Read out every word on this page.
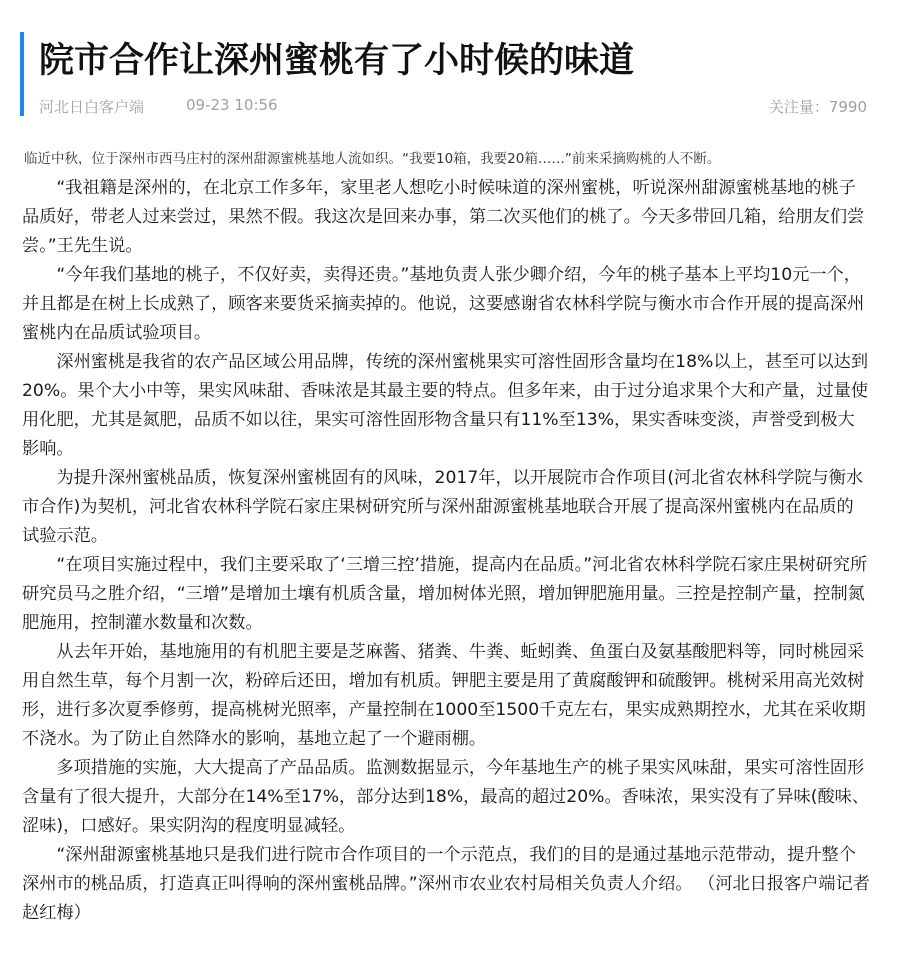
院市合作让深州蜜桃有了小时候的味道
河北日白客户端	09-23 10:56	关注量：7990

临近中秋，位于深州市西马庄村的深州甜源蜜桃基地人流如织。“我要10箱，我要20箱……”前来采摘购桃的人不断。

“我祖籍是深州的，在北京工作多年，家里老人想吃小时候味道的深州蜜桃，听说深州甜源蜜桃基地的桃子品质好，带老人过来尝过，果然不假。我这次是回来办事，第二次买他们的桃了。今天多带回几箱，给朋友们尝尝。”王先生说。

“今年我们基地的桃子，不仅好卖，卖得还贵。”基地负责人张少卿介绍，今年的桃子基本上平均10元一个，并且都是在树上长成熟了，顾客来要货采摘卖掉的。他说，这要感谢省农林科学院与衡水市合作开展的提高深州蜜桃内在品质试验项目。

深州蜜桃是我省的农产品区域公用品牌，传统的深州蜜桃果实可溶性固形含量均在18%以上，甚至可以达到20%。果个大小中等，果实风味甜、香味浓是其最主要的特点。但多年来，由于过分追求果个大和产量，过量使用化肥，尤其是氮肥，品质不如以往，果实可溶性固形物含量只有11%至13%，果实香味变淡，声誉受到极大影响。

为提升深州蜜桃品质，恢复深州蜜桃固有的风味，2017年，以开展院市合作项目(河北省农林科学院与衡水市合作)为契机，河北省农林科学院石家庄果树研究所与深州甜源蜜桃基地联合开展了提高深州蜜桃内在品质的试验示范。

“在项目实施过程中，我们主要采取了‘三增三控’措施，提高内在品质。”河北省农林科学院石家庄果树研究所研究员马之胜介绍，“三增”是增加土壤有机质含量，增加树体光照，增加钾肥施用量。三控是控制产量，控制氮肥施用，控制灌水数量和次数。

从去年开始，基地施用的有机肥主要是芝麻酱、猪粪、牛粪、蚯蚓粪、鱼蛋白及氨基酸肥料等，同时桃园采用自然生草，每个月割一次，粉碎后还田，增加有机质。钾肥主要是用了黄腐酸钾和硫酸钾。桃树采用高光效树形，进行多次夏季修剪，提高桃树光照率，产量控制在1000至1500千克左右，果实成熟期控水，尤其在采收期不浇水。为了防止自然降水的影响，基地立起了一个避雨棚。

多项措施的实施，大大提高了产品品质。监测数据显示，今年基地生产的桃子果实风味甜，果实可溶性固形含量有了很大提升，大部分在14%至17%，部分达到18%，最高的超过20%。香味浓，果实没有了异味(酸味、涩味)，口感好。果实阴沟的程度明显减轻。

“深州甜源蜜桃基地只是我们进行院市合作项目的一个示范点，我们的目的是通过基地示范带动，提升整个深州市的桃品质，打造真正叫得响的深州蜜桃品牌。”深州市农业农村局相关负责人介绍。 （河北日报客户端记者 赵红梅）
